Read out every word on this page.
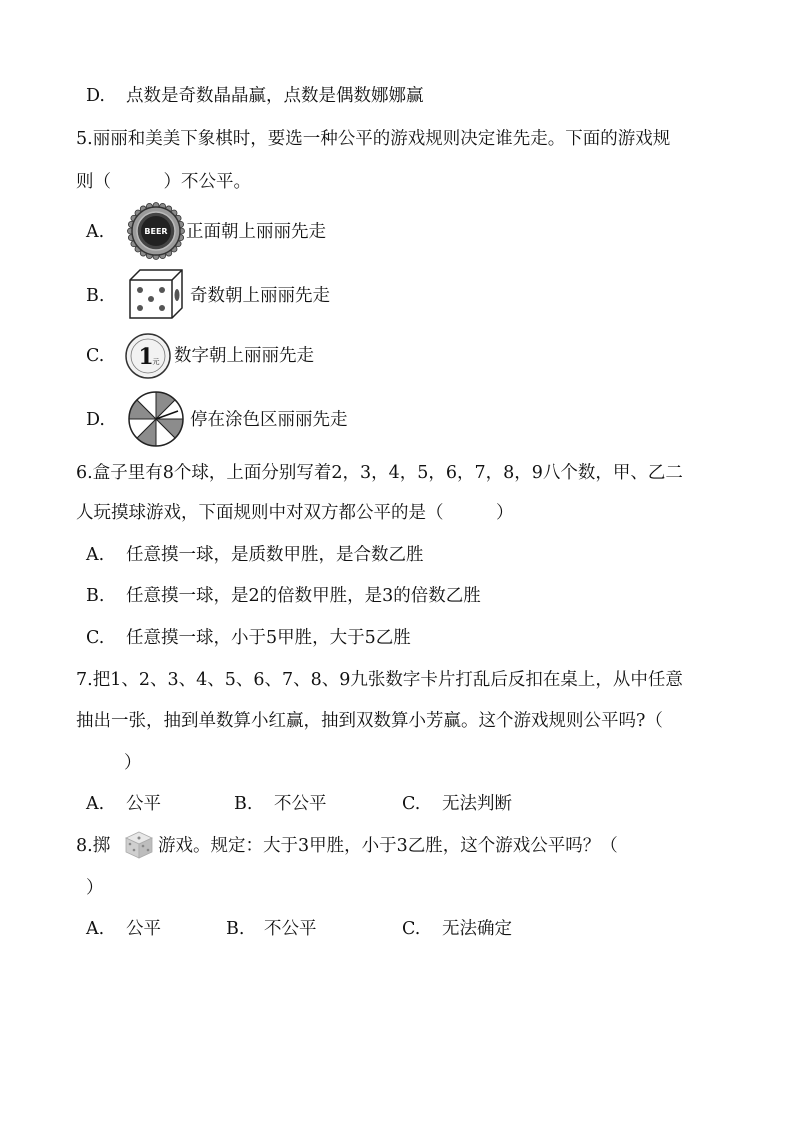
D. 点数是奇数晶晶赢，点数是偶数娜娜赢
5.丽丽和美美下象棋时，要选一种公平的游戏规则决定谁先走。下面的游戏规
则（　　　）不公平。
A.	BEER 正面朝上丽丽先走
B.	奇数朝上丽丽先走
C. 1
元 数字朝上丽丽先走
D.	停在涂色区丽丽先走
6.盒子里有8个球，上面分别写着2，3，4，5，6，7，8，9八个数，甲、乙二
人玩摸球游戏，下面规则中对双方都公平的是（　　　）
A. 任意摸一球，是质数甲胜，是合数乙胜
B. 任意摸一球，是2的倍数甲胜，是3的倍数乙胜
C. 任意摸一球，小于5甲胜，大于5乙胜
7.把1、2、3、4、5、6、7、8、9九张数字卡片打乱后反扣在桌上，从中任意
抽出一张，抽到单数算小红赢，抽到双数算小芳赢。这个游戏规则公平吗?（
）
A. 公平	B. 不公平	C. 无法判断
8.掷	游戏。规定：大于3甲胜，小于3乙胜，这个游戏公平吗？（
）
A. 公平	B. 不公平	C. 无法确定
